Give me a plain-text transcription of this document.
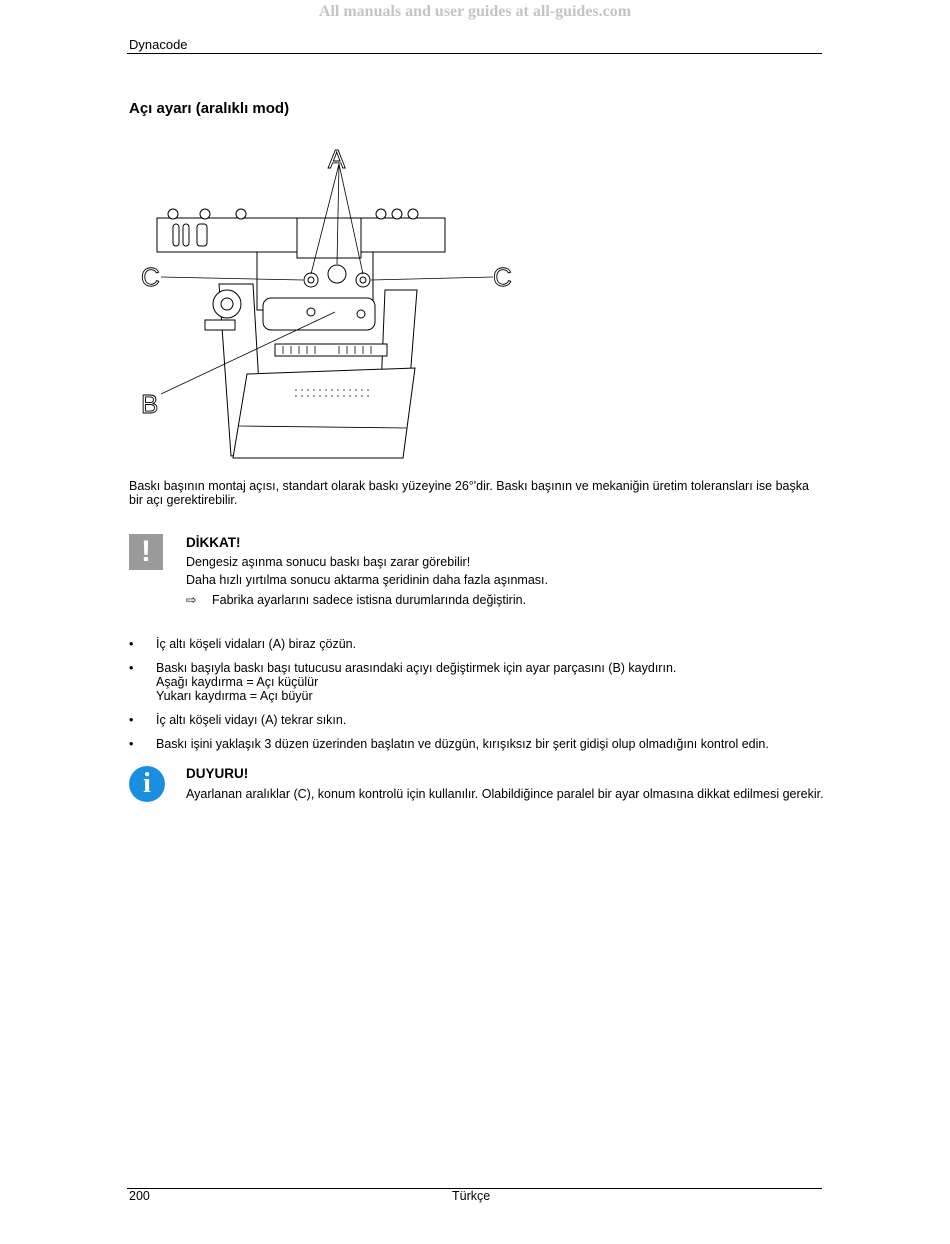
All manuals and user guides at all-guides.com
Dynacode
Açı ayarı (aralıklı mod)
A
B
C	C
Baskı başının montaj açısı, standart olarak baskı yüzeyine 26°'dir. Baskı başının ve mekaniğin üretim toleransları ise başka bir açı gerektirebilir.
!	DİKKAT!
Dengesiz aşınma sonucu baskı başı zarar görebilir!
Daha hızlı yırtılma sonucu aktarma şeridinin daha fazla aşınması.
⇨ Fabrika ayarlarını sadece istisna durumlarında değiştirin.
• İç altı köşeli vidaları (A) biraz çözün.
• Baskı başıyla baskı başı tutucusu arasındaki açıyı değiştirmek için ayar parçasını (B) kaydırın.
Aşağı kaydırma = Açı küçülür
Yukarı kaydırma = Açı büyür
• İç altı köşeli vidayı (A) tekrar sıkın.
• Baskı işini yaklaşık 3 düzen üzerinden başlatın ve düzgün, kırışıksız bir şerit gidişi olup olmadığını kontrol edin.
i	DUYURU!
Ayarlanan aralıklar (C), konum kontrolü için kullanılır. Olabildiğince paralel bir ayar olmasına dikkat edilmesi gerekir.
200	Türkçe
